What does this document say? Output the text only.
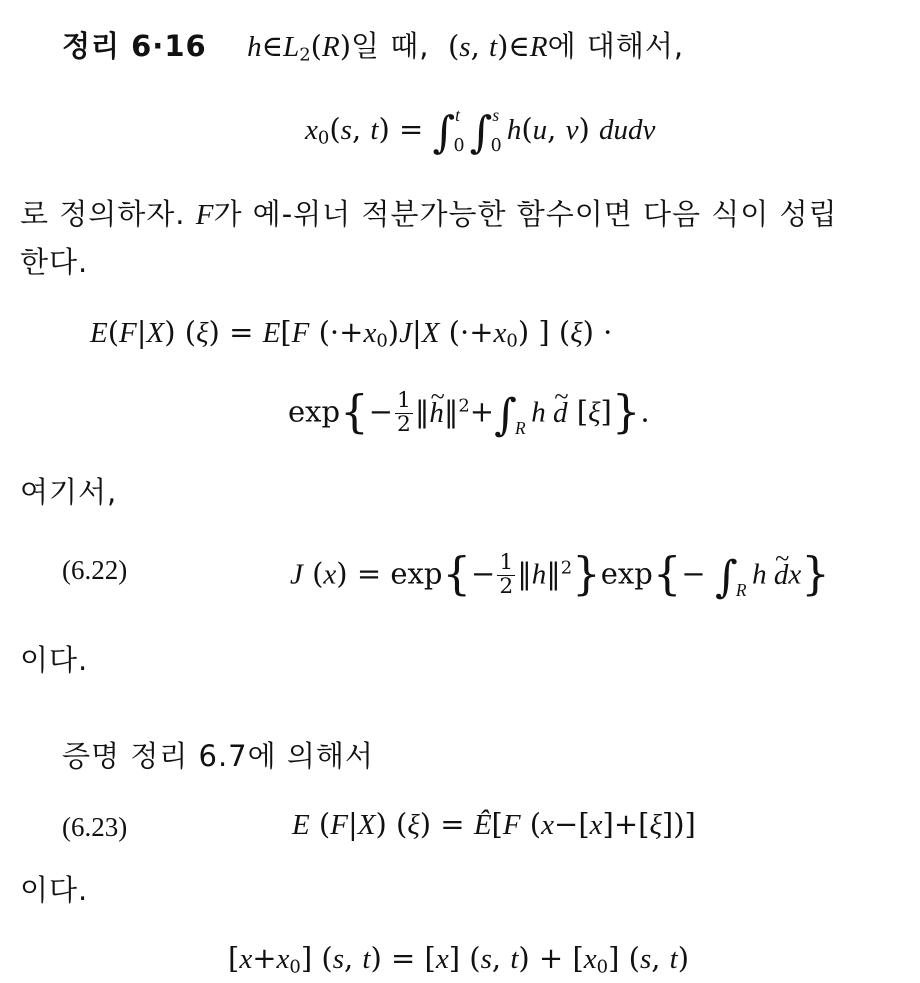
정리 6·16 $h\in L_2(R)$일 때,  (s, t)∈R에 대해서,
$x_0(s$, t) = ∫ t
0 ∫ s
0 h(u, v) dudv
로 정의하자. F가 예-위너 적분가능한 함수이면 다음 식이 성립
한다.
E(F|X) (ξ) = E[F $(\cdot+x_0)J|X$ $(\cdot+x_0)$ ] (ξ) ·
$\exp\{- \frac{1}{2}$ ‖~ h‖$^2$+∫
R h ~ d [ξ]}.
여기서,
(6.22)	J $(x) = \exp\{- \frac{1}{2}$ ‖h‖$^2$}exp{− ∫
R h ~ dx}
이다.
증명 정리 6.7에 의해서
(6.23)	E (F|X) (ξ) = Ê[F (x−[x]+[ξ])]
이다.
$[x+x_0]$ (s, t) = [x] (s, $t) + [x_0]$ (s, t)
